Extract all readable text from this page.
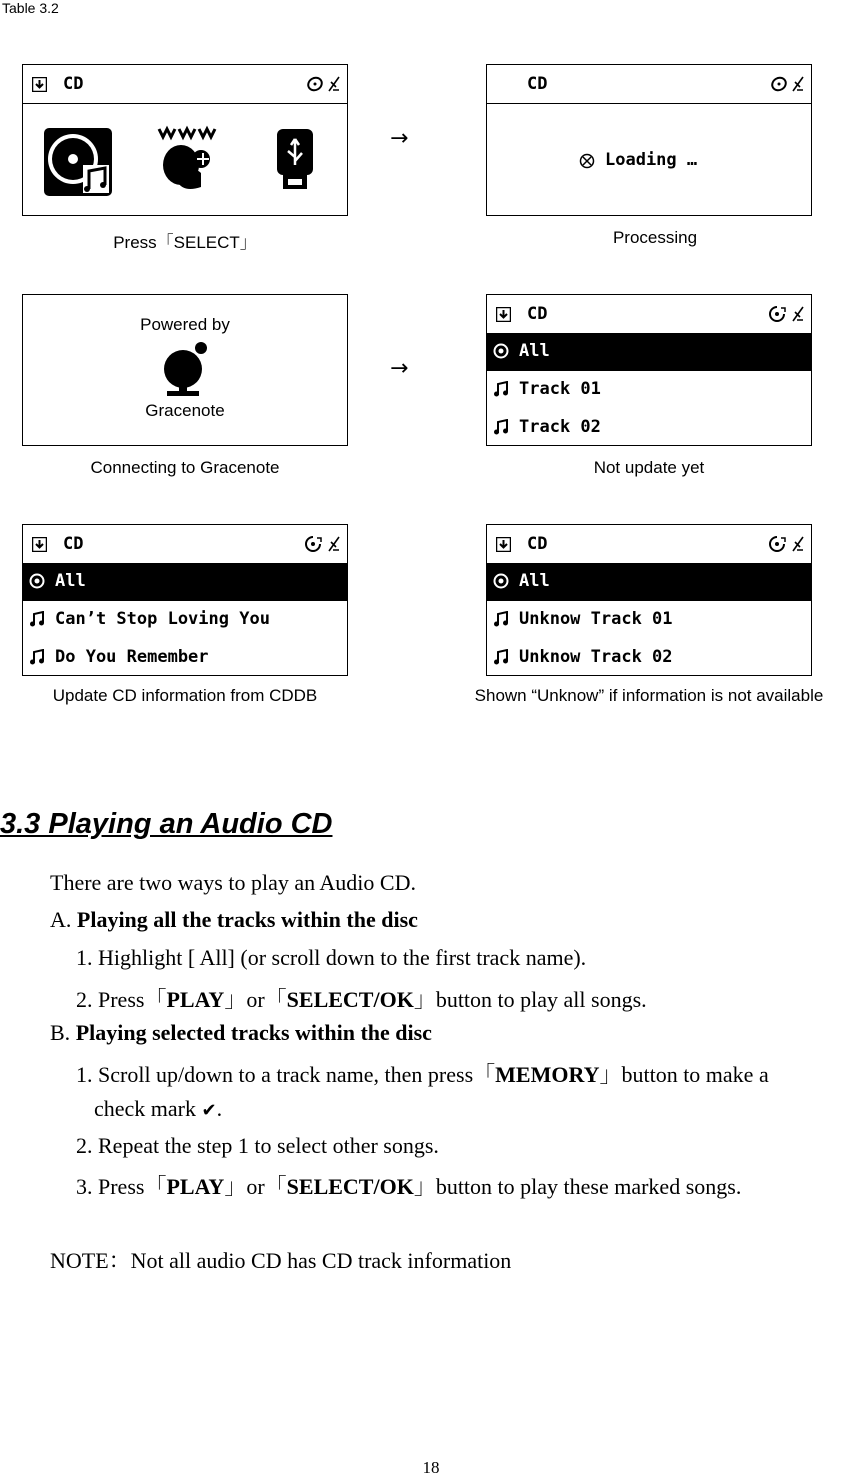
Table 3.2
CD
Press「SELECT」
→
CD
Loading …
Processing
Powered by
Gracenote
Connecting to Gracenote
→
CD
All
Track 01
Track 02
Not update yet
CD
All
Can’t Stop Loving You
Do You Remember
Update CD information from CDDB
CD
All
Unknow Track 01
Unknow Track 02
Shown “Unknow” if information is not available
3.3 Playing an Audio CD
There are two ways to play an Audio CD.
A. Playing all the tracks within the disc
1. Highlight [ All] (or scroll down to the first track name).
2. Press「PLAY」or「SELECT/OK」button to play all songs.
B. Playing selected tracks within the disc
1. Scroll up/down to a track name, then press「MEMORY」button to make a
check mark ✔.
2. Repeat the step 1 to select other songs.
3. Press「PLAY」or「SELECT/OK」button to play these marked songs.
NOTE：Not all audio CD has CD track information
18
